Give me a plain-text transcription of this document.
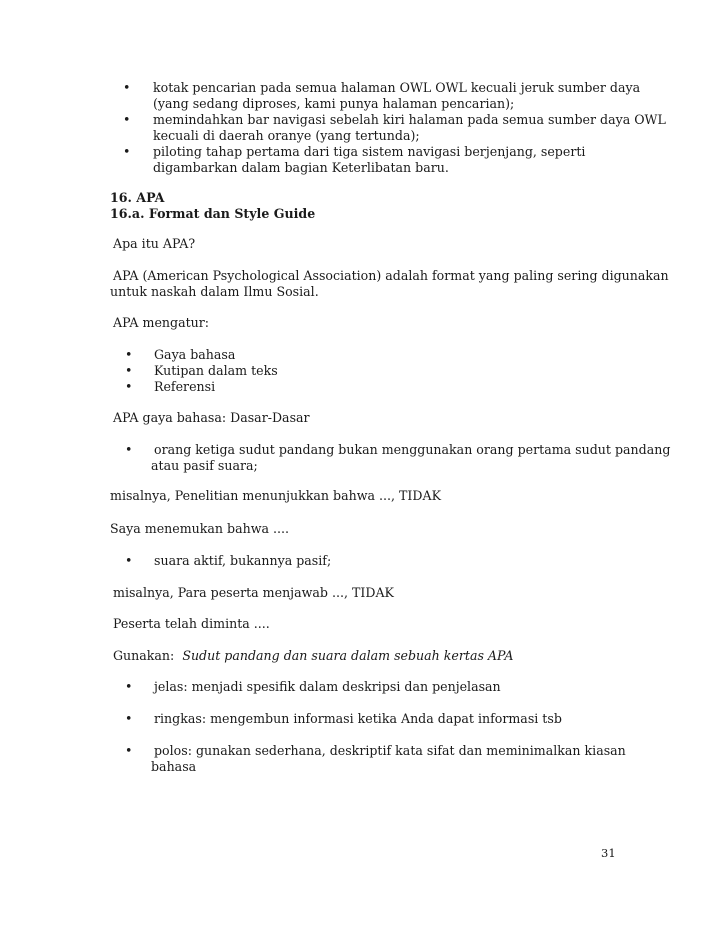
• kotak pencarian pada semua halaman OWL OWL kecuali jeruk sumber daya
(yang sedang diproses, kami punya halaman pencarian);
• memindahkan bar navigasi sebelah kiri halaman pada semua sumber daya OWL
kecuali di daerah oranye (yang tertunda);
• piloting tahap pertama dari tiga sistem navigasi berjenjang, seperti
digambarkan dalam bagian Keterlibatan baru.
16. APA
16.a. Format dan Style Guide
Apa itu APA?
APA (American Psychological Association) adalah format yang paling sering digunakan
untuk naskah dalam Ilmu Sosial.
APA mengatur:
• Gaya bahasa
• Kutipan dalam teks
• Referensi
APA gaya bahasa: Dasar-Dasar
• orang ketiga sudut pandang bukan menggunakan orang pertama sudut pandang
atau pasif suara;
misalnya, Penelitian menunjukkan bahwa ..., TIDAK
Saya menemukan bahwa ....
• suara aktif, bukannya pasif;
misalnya, Para peserta menjawab ..., TIDAK
Peserta telah diminta ....
Gunakan: Sudut pandang dan suara dalam sebuah kertas APA
• jelas: menjadi spesifik dalam deskripsi dan penjelasan
• ringkas: mengembun informasi ketika Anda dapat informasi tsb
• polos: gunakan sederhana, deskriptif kata sifat dan meminimalkan kiasan
bahasa
31
